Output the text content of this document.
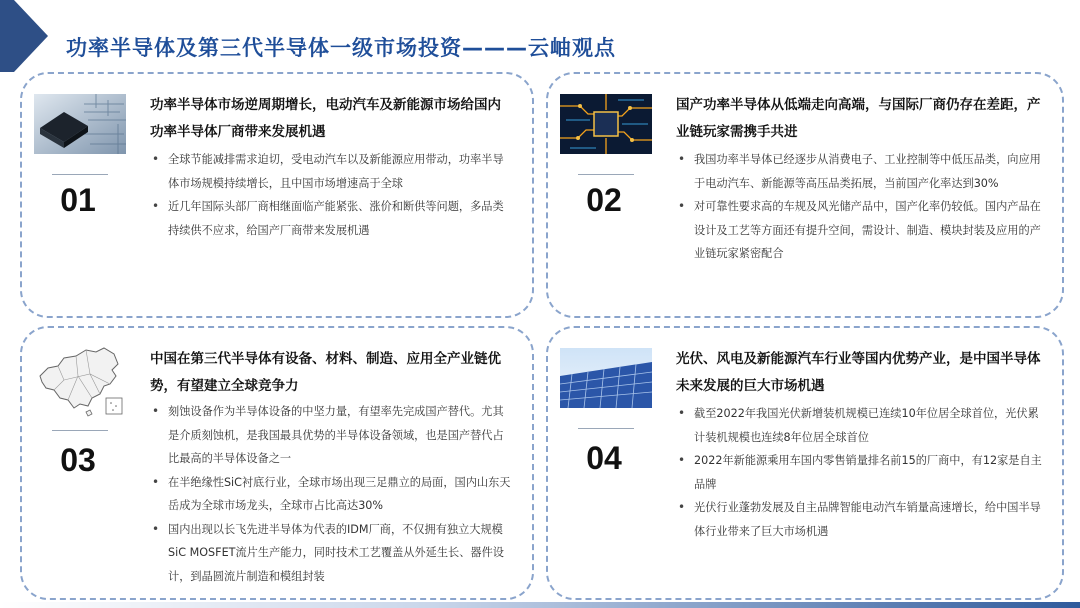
功率半导体及第三代半导体一级市场投资———云岫观点
01
功率半导体市场逆周期增长，电动汽车及新能源市场给国内功率半导体厂商带来发展机遇
• 全球节能减排需求迫切，受电动汽车以及新能源应用带动，功率半导体市场规模持续增长，且中国市场增速高于全球
• 近几年国际头部厂商相继面临产能紧张、涨价和断供等问题，多品类持续供不应求，给国产厂商带来发展机遇
02
国产功率半导体从低端走向高端，与国际厂商仍存在差距，产业链玩家需携手共进
• 我国功率半导体已经逐步从消费电子、工业控制等中低压品类，向应用于电动汽车、新能源等高压品类拓展，当前国产化率达到30%
• 对可靠性要求高的车规及风光储产品中，国产化率仍较低。国内产品在设计及工艺等方面还有提升空间，需设计、制造、模块封装及应用的产业链玩家紧密配合
03
中国在第三代半导体有设备、材料、制造、应用全产业链优势，有望建立全球竞争力
• 刻蚀设备作为半导体设备的中坚力量，有望率先完成国产替代。尤其是介质刻蚀机，是我国最具优势的半导体设备领域，也是国产替代占比最高的半导体设备之一
• 在半绝缘性SiC衬底行业，全球市场出现三足鼎立的局面，国内山东天岳成为全球市场龙头，全球市占比高达30%
• 国内出现以长飞先进半导体为代表的IDM厂商，不仅拥有独立大规模SiC MOSFET流片生产能力，同时技术工艺覆盖从外延生长、器件设计，到晶圆流片制造和模组封装
04
光伏、风电及新能源汽车行业等国内优势产业，是中国半导体未来发展的巨大市场机遇
• 截至2022年我国光伏新增装机规模已连续10年位居全球首位，光伏累计装机规模也连续8年位居全球首位
• 2022年新能源乘用车国内零售销量排名前15的厂商中，有12家是自主品牌
• 光伏行业蓬勃发展及自主品牌智能电动汽车销量高速增长，给中国半导体行业带来了巨大市场机遇
